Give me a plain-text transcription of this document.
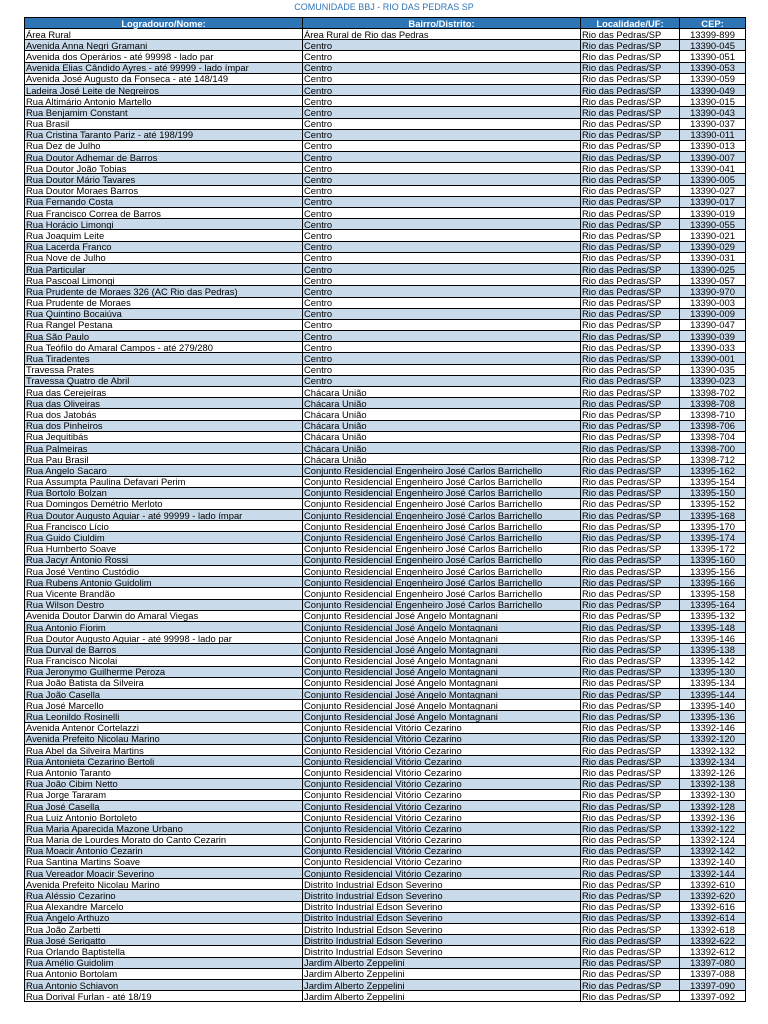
COMUNIDADE BBJ - RIO DAS PEDRAS SP
Logradouro/Nome:	Bairro/Distrito:	Localidade/UF:	CEP:
Área Rural	Área Rural de Rio das Pedras	Rio das Pedras/SP	13399-899
Avenida Anna Negri Gramani	Centro	Rio das Pedras/SP	13390-045
Avenida dos Operários - até 99998 - lado par	Centro	Rio das Pedras/SP	13390-051
Avenida Elias Cândido Ayres - até 99999 - lado ímpar	Centro	Rio das Pedras/SP	13390-053
Avenida José Augusto da Fonseca - até 148/149	Centro	Rio das Pedras/SP	13390-059
Ladeira José Leite de Negreiros	Centro	Rio das Pedras/SP	13390-049
Rua Altimário Antonio Martello	Centro	Rio das Pedras/SP	13390-015
Rua Benjamim Constant	Centro	Rio das Pedras/SP	13390-043
Rua Brasil	Centro	Rio das Pedras/SP	13390-037
Rua Cristina Taranto Pariz - até 198/199	Centro	Rio das Pedras/SP	13390-011
Rua Dez de Julho	Centro	Rio das Pedras/SP	13390-013
Rua Doutor Adhemar de Barros	Centro	Rio das Pedras/SP	13390-007
Rua Doutor João Tobias	Centro	Rio das Pedras/SP	13390-041
Rua Doutor Mário Tavares	Centro	Rio das Pedras/SP	13390-005
Rua Doutor Moraes Barros	Centro	Rio das Pedras/SP	13390-027
Rua Fernando Costa	Centro	Rio das Pedras/SP	13390-017
Rua Francisco Correa de Barros	Centro	Rio das Pedras/SP	13390-019
Rua Horácio Limongi	Centro	Rio das Pedras/SP	13390-055
Rua Joaquim Leite	Centro	Rio das Pedras/SP	13390-021
Rua Lacerda Franco	Centro	Rio das Pedras/SP	13390-029
Rua Nove de Julho	Centro	Rio das Pedras/SP	13390-031
Rua Particular	Centro	Rio das Pedras/SP	13390-025
Rua Pascoal Limongi	Centro	Rio das Pedras/SP	13390-057
Rua Prudente de Moraes 326 (AC Rio das Pedras)	Centro	Rio das Pedras/SP	13390-970
Rua Prudente de Moraes	Centro	Rio das Pedras/SP	13390-003
Rua Quintino Bocaiúva	Centro	Rio das Pedras/SP	13390-009
Rua Rangel Pestana	Centro	Rio das Pedras/SP	13390-047
Rua São Paulo	Centro	Rio das Pedras/SP	13390-039
Rua Teófilo do Amaral Campos - até 279/280	Centro	Rio das Pedras/SP	13390-033
Rua Tiradentes	Centro	Rio das Pedras/SP	13390-001
Travessa Prates	Centro	Rio das Pedras/SP	13390-035
Travessa Quatro de Abril	Centro	Rio das Pedras/SP	13390-023
Rua das Cerejeiras	Chácara União	Rio das Pedras/SP	13398-702
Rua das Oliveiras	Chácara União	Rio das Pedras/SP	13398-708
Rua dos Jatobás	Chácara União	Rio das Pedras/SP	13398-710
Rua dos Pinheiros	Chácara União	Rio das Pedras/SP	13398-706
Rua Jequitibás	Chácara União	Rio das Pedras/SP	13398-704
Rua Palmeiras	Chácara União	Rio das Pedras/SP	13398-700
Rua Pau Brasil	Chácara União	Rio das Pedras/SP	13398-712
Rua Angelo Sacaro	Conjunto Residencial Engenheiro José Carlos Barrichello	Rio das Pedras/SP	13395-162
Rua Assumpta Paulina Defavari Perim	Conjunto Residencial Engenheiro José Carlos Barrichello	Rio das Pedras/SP	13395-154
Rua Bortolo Bolzan	Conjunto Residencial Engenheiro José Carlos Barrichello	Rio das Pedras/SP	13395-150
Rua Domingos Demétrio Merloto	Conjunto Residencial Engenheiro José Carlos Barrichello	Rio das Pedras/SP	13395-152
Rua Doutor Augusto Aguiar - até 99999 - lado ímpar	Conjunto Residencial Engenheiro José Carlos Barrichello	Rio das Pedras/SP	13395-168
Rua Francisco Lício	Conjunto Residencial Engenheiro José Carlos Barrichello	Rio das Pedras/SP	13395-170
Rua Guido Ciuldim	Conjunto Residencial Engenheiro José Carlos Barrichello	Rio das Pedras/SP	13395-174
Rua Humberto Soave	Conjunto Residencial Engenheiro José Carlos Barrichello	Rio das Pedras/SP	13395-172
Rua Jacyr Antonio Rossi	Conjunto Residencial Engenheiro José Carlos Barrichello	Rio das Pedras/SP	13395-160
Rua José Ventino Custódio	Conjunto Residencial Engenheiro José Carlos Barrichello	Rio das Pedras/SP	13395-156
Rua Rubens Antonio Guidolim	Conjunto Residencial Engenheiro José Carlos Barrichello	Rio das Pedras/SP	13395-166
Rua Vicente Brandão	Conjunto Residencial Engenheiro José Carlos Barrichello	Rio das Pedras/SP	13395-158
Rua Wilson Destro	Conjunto Residencial Engenheiro José Carlos Barrichello	Rio das Pedras/SP	13395-164
Avenida Doutor Darwin do Amaral Viegas	Conjunto Residencial José Angelo Montagnani	Rio das Pedras/SP	13395-132
Rua Antonio Fiorim	Conjunto Residencial José Angelo Montagnani	Rio das Pedras/SP	13395-148
Rua Doutor Augusto Aguiar - até 99998 - lado par	Conjunto Residencial José Angelo Montagnani	Rio das Pedras/SP	13395-146
Rua Durval de Barros	Conjunto Residencial José Angelo Montagnani	Rio das Pedras/SP	13395-138
Rua Francisco Nicolai	Conjunto Residencial José Angelo Montagnani	Rio das Pedras/SP	13395-142
Rua Jeronymo Guilherme Peroza	Conjunto Residencial José Angelo Montagnani	Rio das Pedras/SP	13395-130
Rua João Batista da Silveira	Conjunto Residencial José Angelo Montagnani	Rio das Pedras/SP	13395-134
Rua João Casella	Conjunto Residencial José Angelo Montagnani	Rio das Pedras/SP	13395-144
Rua José Marcello	Conjunto Residencial José Angelo Montagnani	Rio das Pedras/SP	13395-140
Rua Leonildo Rosinelli	Conjunto Residencial José Angelo Montagnani	Rio das Pedras/SP	13395-136
Avenida Antenor Cortelazzi	Conjunto Residencial Vitório Cezarino	Rio das Pedras/SP	13392-146
Avenida Prefeito Nicolau Marino	Conjunto Residencial Vitório Cezarino	Rio das Pedras/SP	13392-120
Rua Abel da Silveira Martins	Conjunto Residencial Vitório Cezarino	Rio das Pedras/SP	13392-132
Rua Antonieta Cezarino Bertoli	Conjunto Residencial Vitório Cezarino	Rio das Pedras/SP	13392-134
Rua Antonio Taranto	Conjunto Residencial Vitório Cezarino	Rio das Pedras/SP	13392-126
Rua João Cibim Netto	Conjunto Residencial Vitório Cezarino	Rio das Pedras/SP	13392-138
Rua Jorge Tararam	Conjunto Residencial Vitório Cezarino	Rio das Pedras/SP	13392-130
Rua José Casella	Conjunto Residencial Vitório Cezarino	Rio das Pedras/SP	13392-128
Rua Luiz Antonio Bortoleto	Conjunto Residencial Vitório Cezarino	Rio das Pedras/SP	13392-136
Rua Maria Aparecida Mazone Urbano	Conjunto Residencial Vitório Cezarino	Rio das Pedras/SP	13392-122
Rua Maria de Lourdes Morato do Canto Cezarin	Conjunto Residencial Vitório Cezarino	Rio das Pedras/SP	13392-124
Rua Moacir Antonio Cezarin	Conjunto Residencial Vitório Cezarino	Rio das Pedras/SP	13392-142
Rua Santina Martins Soave	Conjunto Residencial Vitório Cezarino	Rio das Pedras/SP	13392-140
Rua Vereador Moacir Severino	Conjunto Residencial Vitório Cezarino	Rio das Pedras/SP	13392-144
Avenida Prefeito Nicolau Marino	Distrito Industrial Edson Severino	Rio das Pedras/SP	13392-610
Rua Aléssio Cezarino	Distrito Industrial Edson Severino	Rio das Pedras/SP	13392-620
Rua Alexandre Marcelo	Distrito Industrial Edson Severino	Rio das Pedras/SP	13392-616
Rua Ângelo Arthuzo	Distrito Industrial Edson Severino	Rio das Pedras/SP	13392-614
Rua João Zarbetti	Distrito Industrial Edson Severino	Rio das Pedras/SP	13392-618
Rua José Serigatto	Distrito Industrial Edson Severino	Rio das Pedras/SP	13392-622
Rua Orlando Baptistella	Distrito Industrial Edson Severino	Rio das Pedras/SP	13392-612
Rua Amélio Guidolim	Jardim Alberto Zeppelini	Rio das Pedras/SP	13397-080
Rua Antonio Bortolam	Jardim Alberto Zeppelini	Rio das Pedras/SP	13397-088
Rua Antonio Schiavon	Jardim Alberto Zeppelini	Rio das Pedras/SP	13397-090
Rua Dorival Furlan - até 18/19	Jardim Alberto Zeppelini	Rio das Pedras/SP	13397-092
